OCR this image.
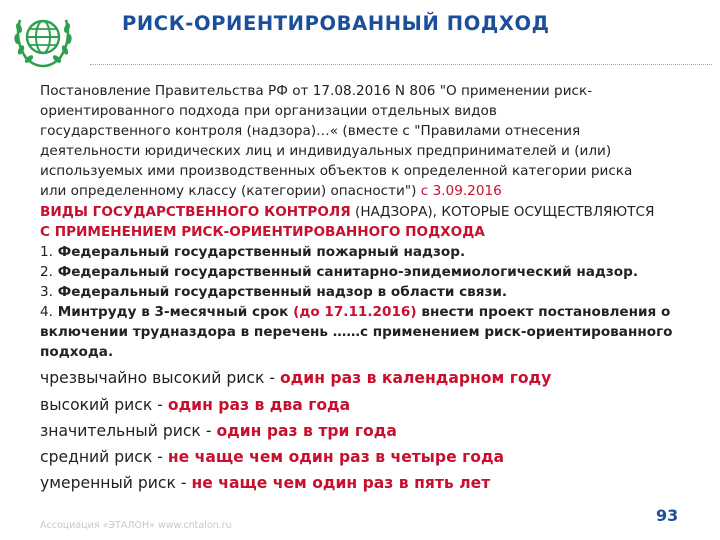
РИСК-ОРИЕНТИРОВАННЫЙ ПОДХОД
Постановление Правительства РФ от 17.08.2016 N 806 "О применении риск-
ориентированного подхода при организации отдельных видов
государственного контроля (надзора)…« (вместе с "Правилами отнесения
деятельности юридических лиц и индивидуальных предпринимателей и (или)
используемых ими производственных объектов к определенной категории риска
или определенному классу (категории) опасности") с 3.09.2016
ВИДЫ ГОСУДАРСТВЕННОГО КОНТРОЛЯ (НАДЗОРА), КОТОРЫЕ ОСУЩЕСТВЛЯЮТСЯ
С ПРИМЕНЕНИЕМ РИСК-ОРИЕНТИРОВАННОГО ПОДХОДА
1. Федеральный государственный пожарный надзор.
2. Федеральный государственный санитарно-эпидемиологический надзор.
3. Федеральный государственный надзор в области связи.
4. Минтруду в 3-месячный срок (до 17.11.2016) внести проект постановления о
включении трудназдора в перечень ……с применением риск-ориентированного
подхода.
чрезвычайно высокий риск - один раз в календарном году
высокий риск - один раз в два года
значительный риск - один раз в три года
средний риск - не чаще чем один раз в четыре года
умеренный риск - не чаще чем один раз в пять лет
Ассоциация «ЭТАЛОН» www.cntalon.ru
93
